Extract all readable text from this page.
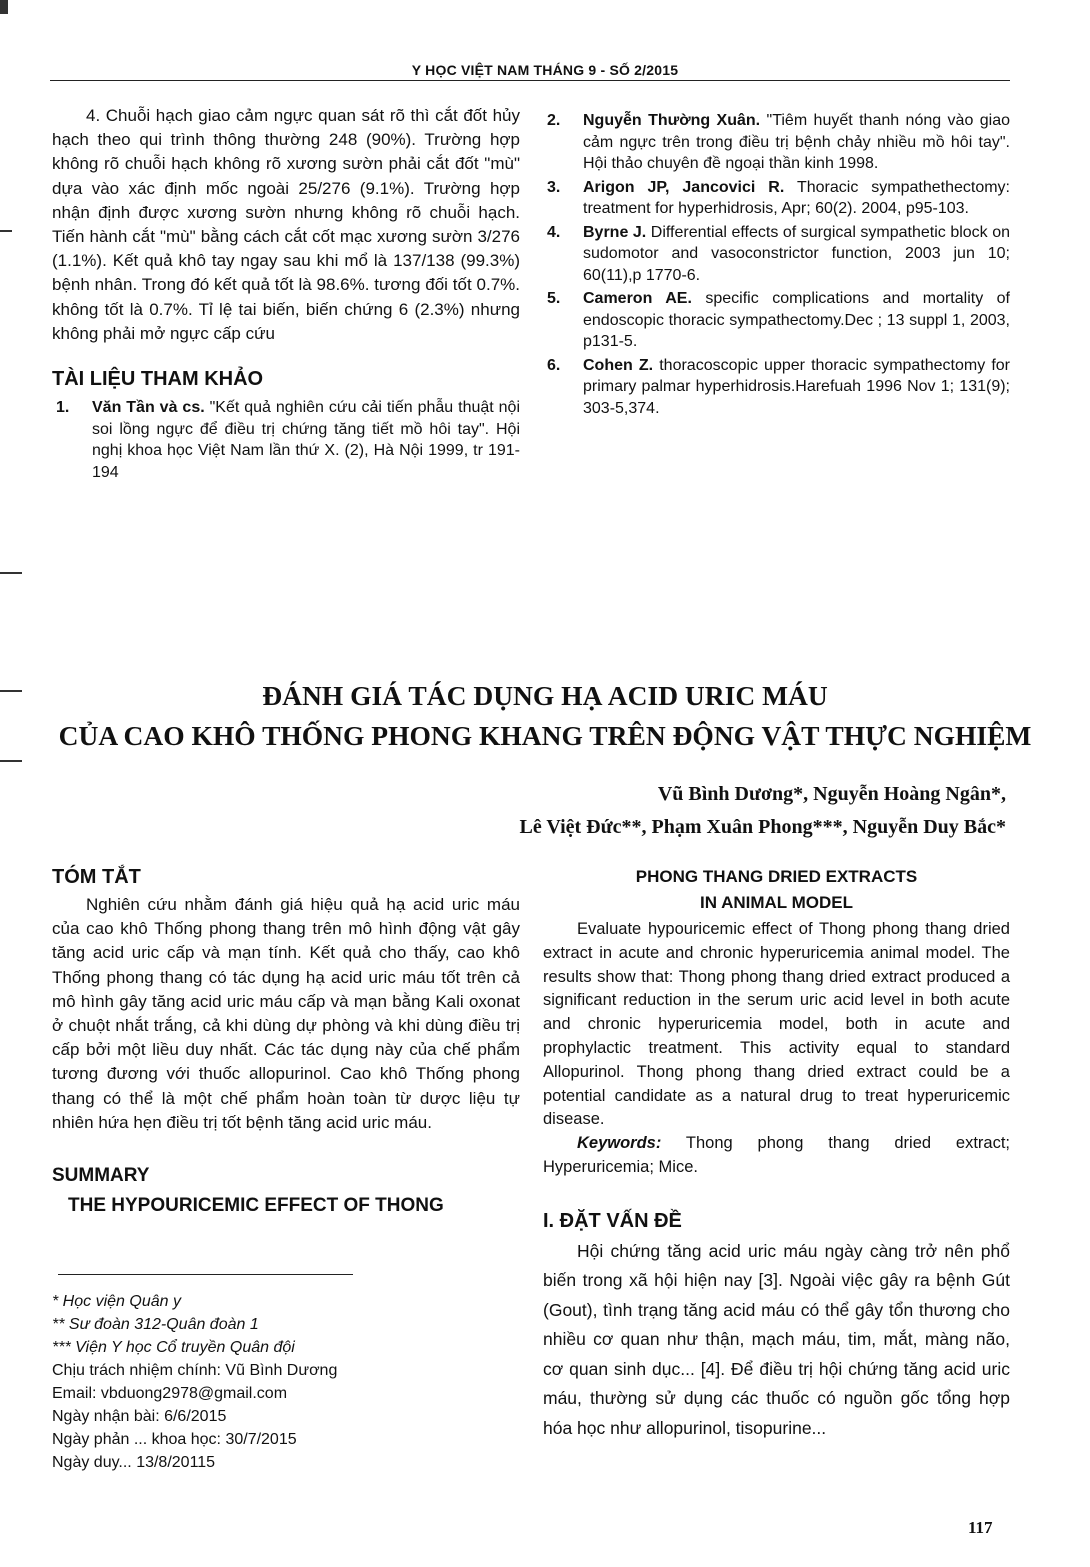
Y HỌC VIỆT NAM THÁNG 9 - SỐ 2/2015

4. Chuỗi hạch giao cảm ngực quan sát rõ thì cắt đốt hủy hạch theo qui trình thông thường 248 (90%). Trường hợp không rõ chuỗi hạch không rõ xương sườn phải cắt đốt "mù" dựa vào xác định mốc ngoài 25/276 (9.1%). Trường hợp nhận định được xương sườn nhưng không rõ chuỗi hạch. Tiến hành cắt "mù" bằng cách cắt cốt mạc xương sườn 3/276 (1.1%). Kết quả khô tay ngay sau khi mổ là 137/138 (99.3%) bệnh nhân. Trong đó kết quả tốt là 98.6%. tương đối tốt 0.7%. không tốt là 0.7%. Tỉ lệ tai biến, biến chứng 6 (2.3%) nhưng không phải mở ngực cấp cứu

TÀI LIỆU THAM KHẢO
1. Văn Tần và cs. "Kết quả nghiên cứu cải tiến phẫu thuật nội soi lồng ngực để điều trị chứng tăng tiết mồ hôi tay". Hội nghị khoa học Việt Nam lần thứ X. (2), Hà Nội 1999, tr 191-194
2. Nguyễn Thường Xuân. "Tiêm huyết thanh nóng vào giao cảm ngực trên trong điều trị bệnh chảy nhiều mồ hôi tay". Hội thảo chuyên đề ngoại thần kinh 1998.
3. Arigon JP, Jancovici R. Thoracic sympathethectomy: treatment for hyperhidrosis, Apr; 60(2). 2004, p95-103.
4. Byrne J. Differential effects of surgical sympathetic block on sudomotor and vasoconstrictor function, 2003 jun 10; 60(11),p 1770-6.
5. Cameron AE. specific complications and mortality of endoscopic thoracic sympathectomy.Dec ; 13 suppl 1, 2003, p131-5.
6. Cohen Z. thoracoscopic upper thoracic sympathectomy for primary palmar hyperhidrosis.Harefuah 1996 Nov 1; 131(9); 303-5,374.
ĐÁNH GIÁ TÁC DỤNG HẠ ACID URIC MÁU
CỦA CAO KHÔ THỐNG PHONG KHANG TRÊN ĐỘNG VẬT THỰC NGHIỆM
Vũ Bình Dương*, Nguyễn Hoàng Ngân*,
Lê Việt Đức**, Phạm Xuân Phong***, Nguyễn Duy Bắc*
TÓM TẮT

Nghiên cứu nhằm đánh giá hiệu quả hạ acid uric máu của cao khô Thống phong thang trên mô hình động vật gây tăng acid uric cấp và mạn tính. Kết quả cho thấy, cao khô Thống phong thang có tác dụng hạ acid uric máu tốt trên cả mô hình gây tăng acid uric máu cấp và mạn bằng Kali oxonat ở chuột nhắt trắng, cả khi dùng dự phòng và khi dùng điều trị cấp bởi một liều duy nhất. Các tác dụng này của chế phẩm tương đương với thuốc allopurinol. Cao khô Thống phong thang có thể là một chế phẩm hoàn toàn từ dược liệu tự nhiên hứa hẹn điều trị tốt bệnh tăng acid uric máu.

SUMMARY
THE HYPOURICEMIC EFFECT OF THONG
PHONG THANG DRIED EXTRACTS IN ANIMAL MODEL

Evaluate hypouricemic effect of Thong phong thang dried extract in acute and chronic hyperuricemia animal model. The results show that: Thong phong thang dried extract produced a significant reduction in the serum uric acid level in both acute and chronic hyperuricemia model, both in acute and prophylactic treatment. This activity equal to standard Allopurinol. Thong phong thang dried extract could be a potential candidate as a natural drug to treat hyperuricemic disease.

Keywords: Thong phong thang dried extract; Hyperuricemia; Mice.

I. ĐẶT VẤN ĐỀ

Hội chứng tăng acid uric máu ngày càng trở nên phổ biến trong xã hội hiện nay [3]. Ngoài việc gây ra bệnh Gút (Gout), tình trạng tăng acid máu có thể gây tổn thương cho nhiều cơ quan như thận, mạch máu, tim, mắt, màng não, cơ quan sinh dục... [4]. Để điều trị hội chứng tăng acid uric máu, thường sử dụng các thuốc có nguồn gốc tổng hợp hóa học như allopurinol, tisopurine...

* Học viện Quân y
** Sư đoàn 312-Quân đoàn 1
*** Viện Y học Cổ truyền Quân đội
Chịu trách nhiệm chính: Vũ Bình Dương
Email: vbduong2978@gmail.com
Ngày nhận bài: 6/6/2015
Ngày phản ... khoa học: 30/7/2015
Ngày duy... 13/8/20115
117
